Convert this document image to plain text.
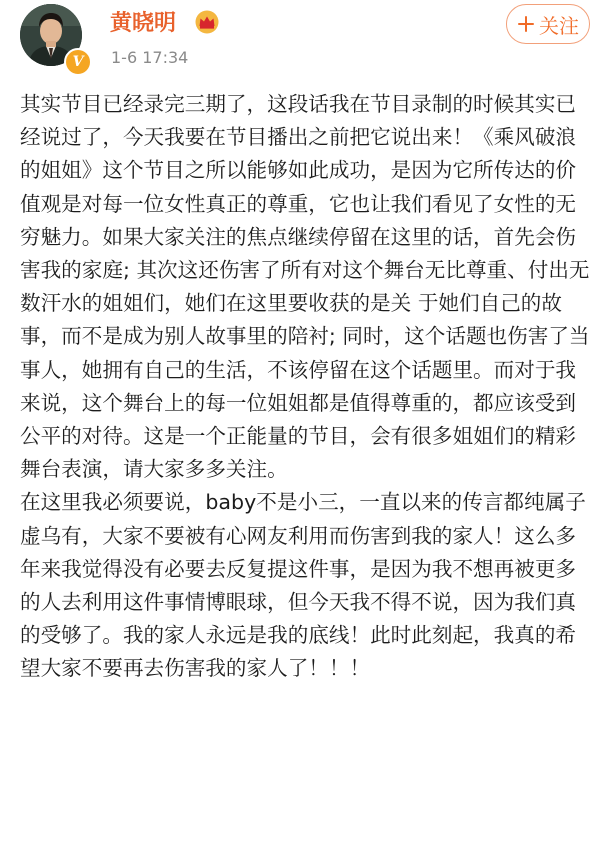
V
黄晓明
1-6 17:34
关注

其实节目已经录完三期了，这段话我在节目录制的时候其实已经说过了，今天我要在节目播出之前把它说出来！《乘风破浪的姐姐》这个节目之所以能够如此成功，是因为它所传达的价值观是对每一位女性真正的尊重，它也让我们看见了女性的无穷魅力。如果大家关注的焦点继续停留在这里的话，首先会伤害我的家庭; 其次这还伤害了所有对这个舞台无比尊重、付出无数汗水的姐姐们，她们在这里要收获的是关 于她们自己的故事，而不是成为别人故事里的陪衬; 同时，这个话题也伤害了当事人，她拥有自己的生活，不该停留在这个话题里。而对于我来说，这个舞台上的每一位姐姐都是值得尊重的，都应该受到公平的对待。这是一个正能量的节目，会有很多姐姐们的精彩舞台表演，请大家多多关注。

在这里我必须要说，baby不是小三，一直以来的传言都纯属子虚乌有，大家不要被有心网友利用而伤害到我的家人！这么多年来我觉得没有必要去反复提这件事，是因为我不想再被更多的人去利用这件事情博眼球，但今天我不得不说，因为我们真的受够了。我的家人永远是我的底线！此时此刻起，我真的希望大家不要再去伤害我的家人了！！！
